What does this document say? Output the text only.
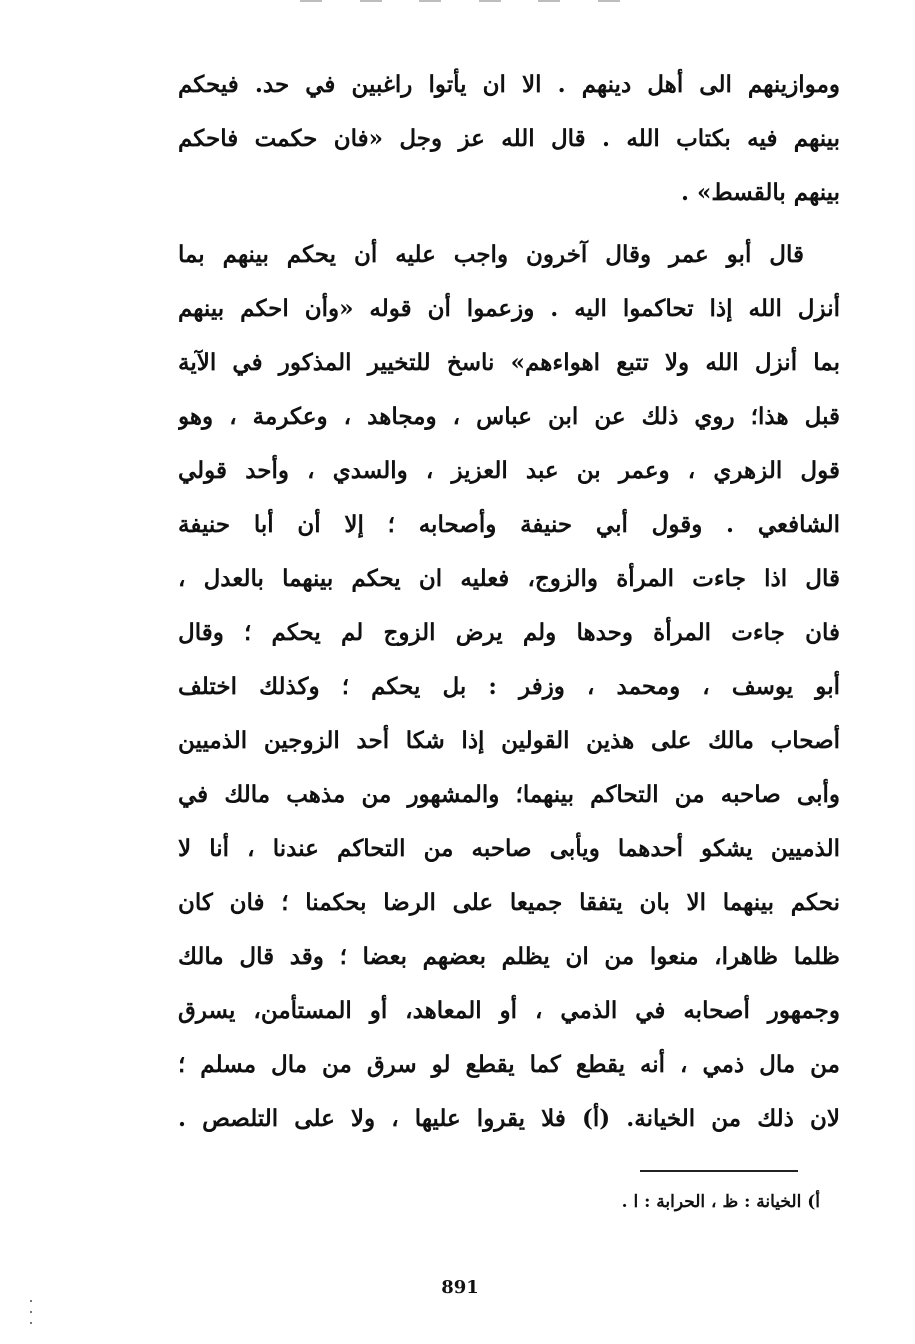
وموازينهم الى أهل دينهم . الا ان يأتوا راغبين في حد. فيحكم
بينهم فيه بكتاب الله . قال الله عز وجل «فان حكمت فاحكم
بينهم بالقسط» .
قال أبو عمر وقال آخرون واجب عليه أن يحكم بينهم بما
أنزل الله إذا تحاكموا اليه . وزعموا أن قوله «وأن احكم بينهم
بما أنزل الله ولا تتبع اهواءهم» ناسخ للتخيير المذكور في الآية
قبل هذا؛ روي ذلك عن ابن عباس ، ومجاهد ، وعكرمة ، وهو
قول الزهري ، وعمر بن عبد العزيز ، والسدي ، وأحد قولي
الشافعي . وقول أبي حنيفة وأصحابه ؛ إلا أن أبا حنيفة
قال اذا جاءت المرأة والزوج، فعليه ان يحكم بينهما بالعدل ،
فان جاءت المرأة وحدها ولم يرض الزوج لم يحكم ؛ وقال
أبو يوسف ، ومحمد ، وزفر : بل يحكم ؛ وكذلك اختلف
أصحاب مالك على هذين القولين إذا شكا أحد الزوجين الذميين
وأبى صاحبه من التحاكم بينهما؛ والمشهور من مذهب مالك في
الذميين يشكو أحدهما ويأبى صاحبه من التحاكم عندنا ، أنا لا
نحكم بينهما الا بان يتفقا جميعا على الرضا بحكمنا ؛ فان كان
ظلما ظاهرا، منعوا من ان يظلم بعضهم بعضا ؛ وقد قال مالك
وجمهور أصحابه في الذمي ، أو المعاهد، أو المستأمن، يسرق
من مال ذمي ، أنه يقطع كما يقطع لو سرق من مال مسلم ؛
لان ذلك من الخيانة. (أ) فلا يقروا عليها ، ولا على التلصص .
أ) الخيانة : ظ ، الحرابة : ا .
891
